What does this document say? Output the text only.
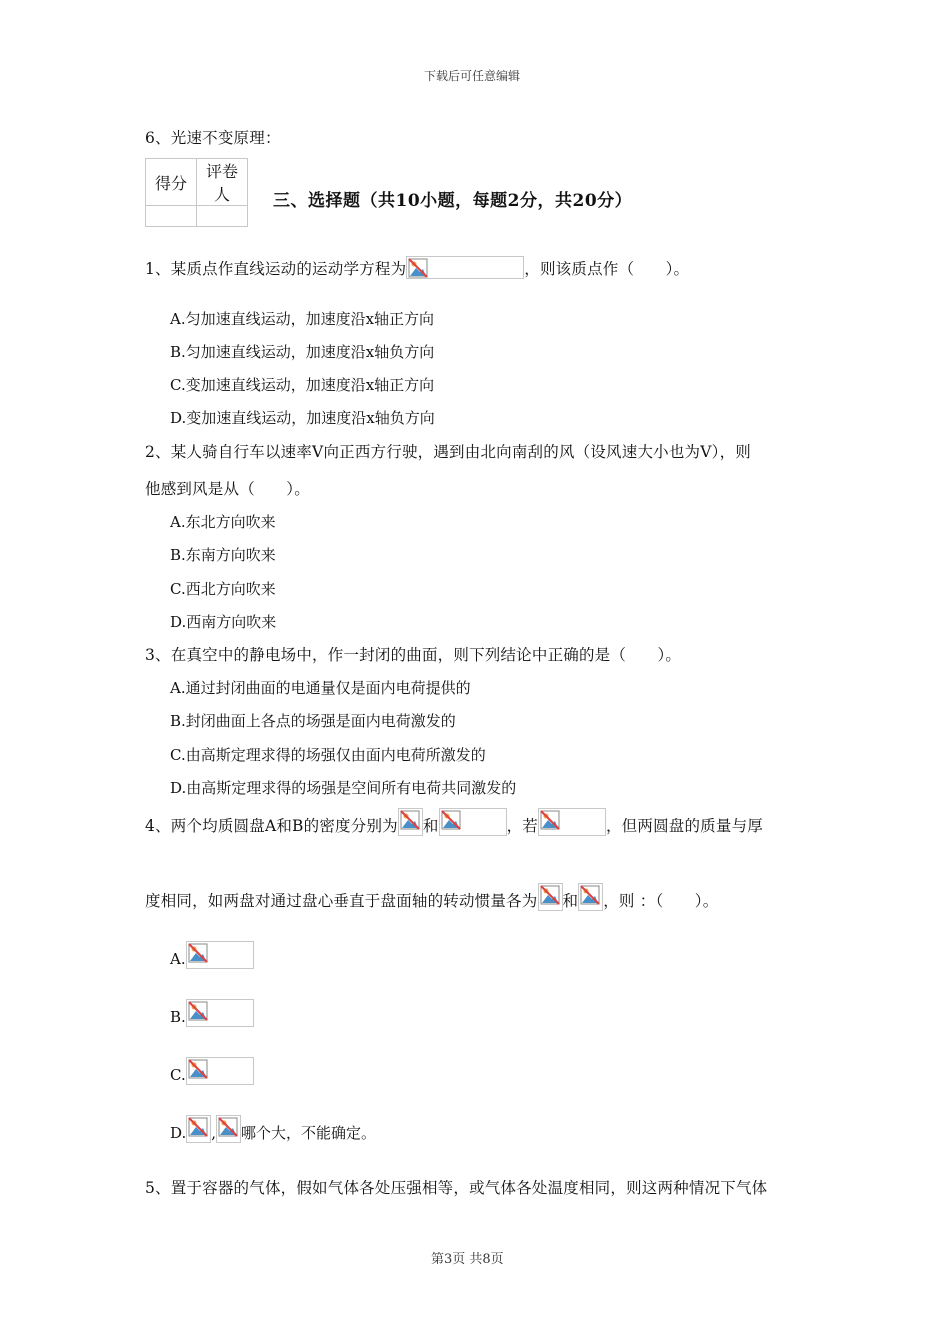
下载后可任意编辑
6、光速不变原理：
得分	评卷人
		三、选择题（共10小题，每题2分，共20分）
1、某质点作直线运动的运动学方程为	，则该质点作（　　）。
A.匀加速直线运动，加速度沿x轴正方向
B.匀加速直线运动，加速度沿x轴负方向
C.变加速直线运动，加速度沿x轴正方向
D.变加速直线运动，加速度沿x轴负方向
2、某人骑自行车以速率V向正西方行驶，遇到由北向南刮的风（设风速大小也为V），则
他感到风是从（　　）。
A.东北方向吹来
B.东南方向吹来
C.西北方向吹来
D.西南方向吹来
3、在真空中的静电场中，作一封闭的曲面，则下列结论中正确的是（　　）。
A.通过封闭曲面的电通量仅是面内电荷提供的
B.封闭曲面上各点的场强是面内电荷激发的
C.由高斯定理求得的场强仅由面内电荷所激发的
D.由高斯定理求得的场强是空间所有电荷共同激发的
4、两个均质圆盘A和B的密度分别为 和	，若	，但两圆盘的质量与厚
度相同，如两盘对通过盘心垂直于盘面轴的转动惯量各为 和 ，则 ：（　　）。
A.
B.
C.
D. , 哪个大，不能确定。
5、置于容器的气体，假如气体各处压强相等，或气体各处温度相同，则这两种情况下气体
第3页 共8页
